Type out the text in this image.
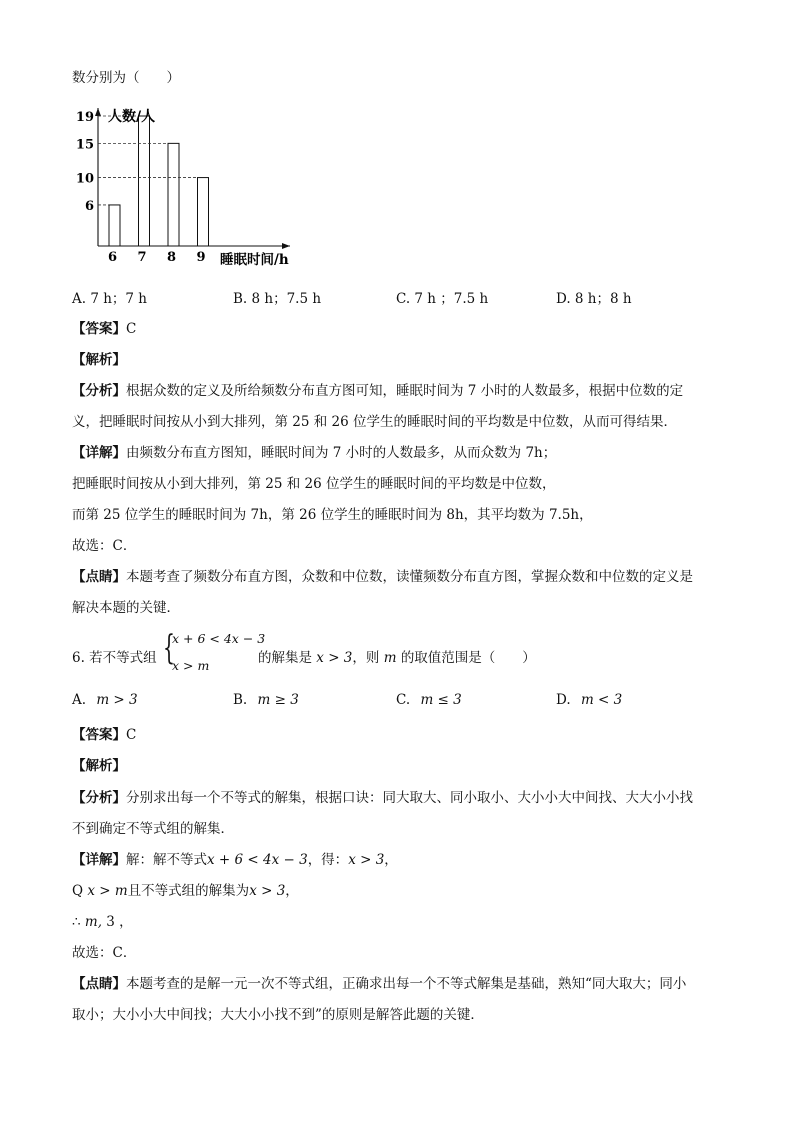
数分别为（　　）
6 7 8 9
6
10
15
19 人数/人
睡眠时间/h
A. 7 h；7 h	B. 8 h；7.5 h	C. 7 h ；7.5 h	D. 8 h；8 h
【答案】C
【解析】
【分析】根据众数的定义及所给频数分布直方图可知，睡眠时间为 7 小时的人数最多，根据中位数的定
义，把睡眠时间按从小到大排列，第 25 和 26 位学生的睡眠时间的平均数是中位数，从而可得结果．
【详解】由频数分布直方图知，睡眠时间为 7 小时的人数最多，从而众数为 7h；
把睡眠时间按从小到大排列，第 25 和 26 位学生的睡眠时间的平均数是中位数，
而第 25 位学生的睡眠时间为 7h，第 26 位学生的睡眠时间为 8h，其平均数为 7.5h，
故选：C．
【点睛】本题考查了频数分布直方图，众数和中位数，读懂频数分布直方图，掌握众数和中位数的定义是
解决本题的关键．
6. 若不等式组 {
x + 6 < 4x − 3
x > m	的解集是 x > 3，则 m 的取值范围是（　　）
A. m > 3	B. m ≥ 3	C. m ≤ 3	D. m < 3
【答案】C
【解析】
【分析】分别求出每一个不等式的解集，根据口诀：同大取大、同小取小、大小小大中间找、大大小小找
不到确定不等式组的解集．
【详解】解：解不等式x + 6 < 4x − 3，得：x > 3，
Q x > m且不等式组的解集为x > 3，
∴ m, 3 ，
故选：C．
【点睛】本题考查的是解一元一次不等式组，正确求出每一个不等式解集是基础，熟知“同大取大；同小
取小；大小小大中间找；大大小小找不到”的原则是解答此题的关键．
